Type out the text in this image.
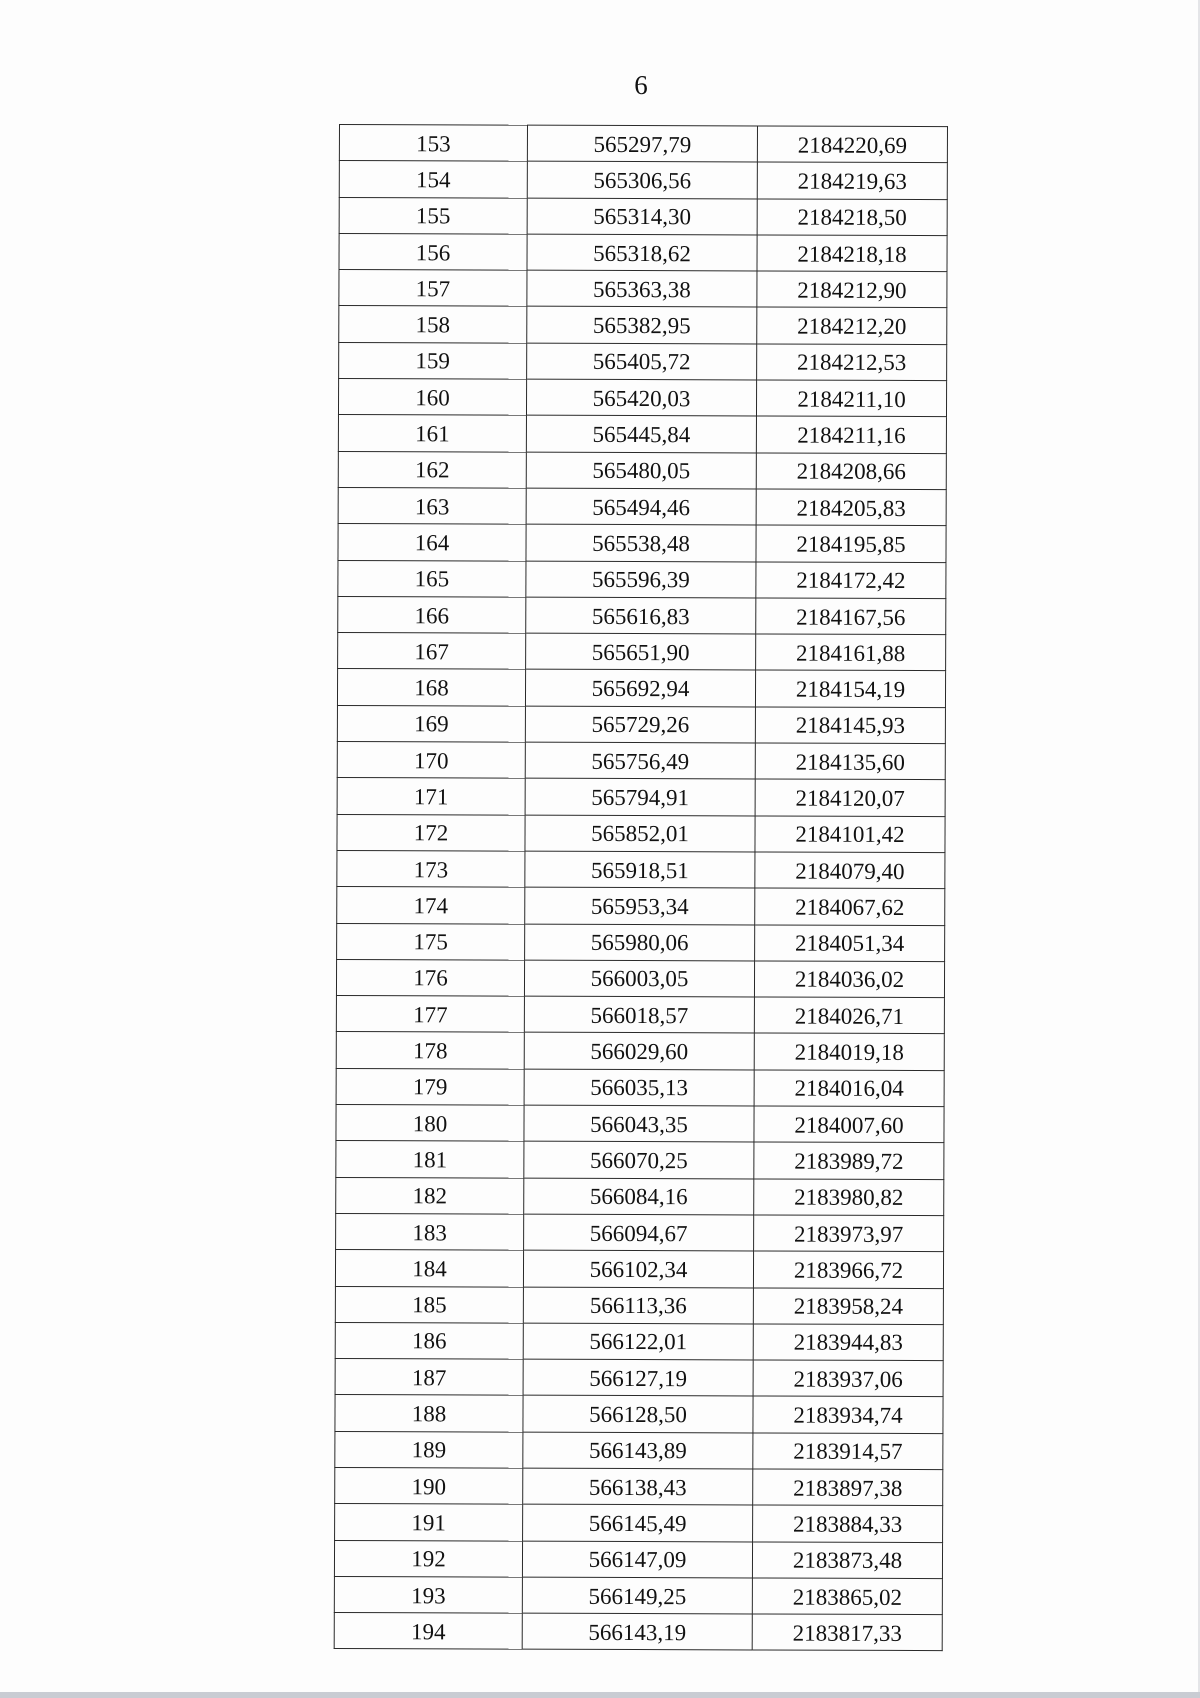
6
153	565297,79	2184220,69
154	565306,56	2184219,63
155	565314,30	2184218,50
156	565318,62	2184218,18
157	565363,38	2184212,90
158	565382,95	2184212,20
159	565405,72	2184212,53
160	565420,03	2184211,10
161	565445,84	2184211,16
162	565480,05	2184208,66
163	565494,46	2184205,83
164	565538,48	2184195,85
165	565596,39	2184172,42
166	565616,83	2184167,56
167	565651,90	2184161,88
168	565692,94	2184154,19
169	565729,26	2184145,93
170	565756,49	2184135,60
171	565794,91	2184120,07
172	565852,01	2184101,42
173	565918,51	2184079,40
174	565953,34	2184067,62
175	565980,06	2184051,34
176	566003,05	2184036,02
177	566018,57	2184026,71
178	566029,60	2184019,18
179	566035,13	2184016,04
180	566043,35	2184007,60
181	566070,25	2183989,72
182	566084,16	2183980,82
183	566094,67	2183973,97
184	566102,34	2183966,72
185	566113,36	2183958,24
186	566122,01	2183944,83
187	566127,19	2183937,06
188	566128,50	2183934,74
189	566143,89	2183914,57
190	566138,43	2183897,38
191	566145,49	2183884,33
192	566147,09	2183873,48
193	566149,25	2183865,02
194	566143,19	2183817,33
